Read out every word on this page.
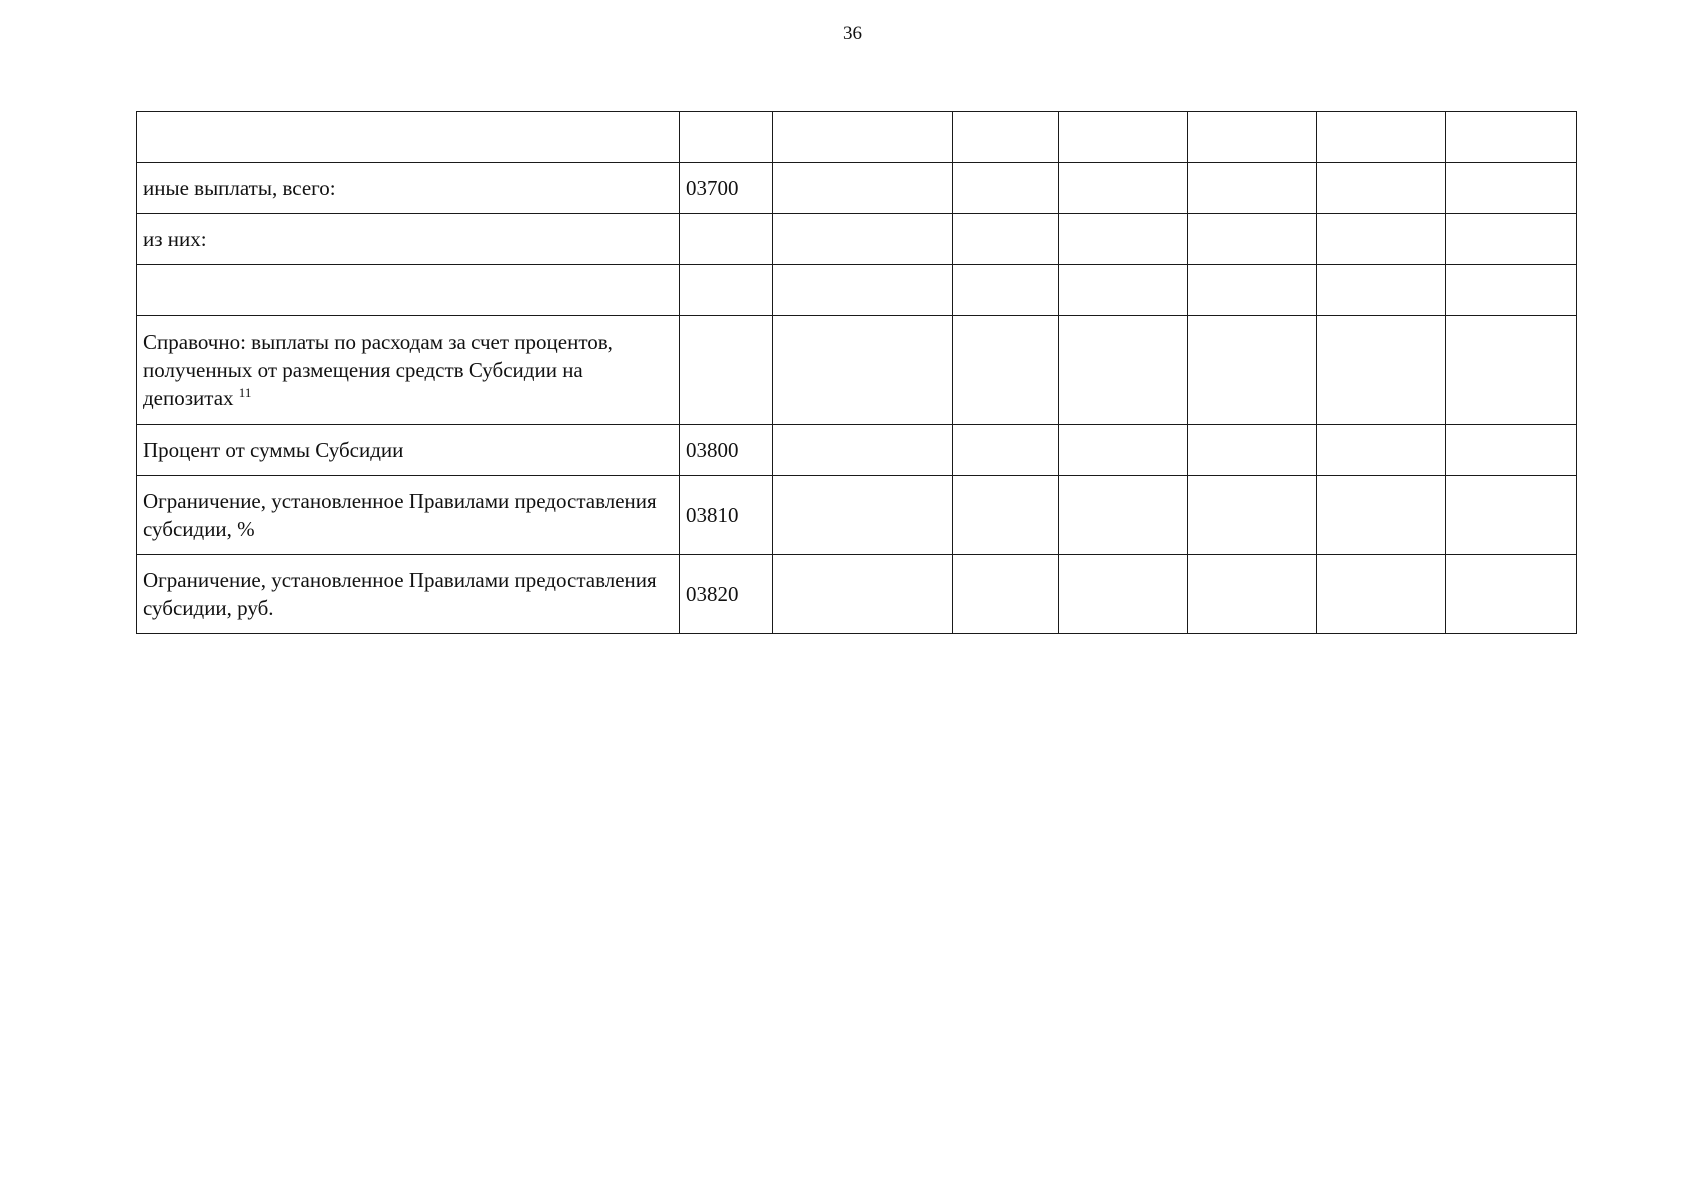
36

иные выплаты, всего:	03700						
из них:							

Справочно: выплаты по расходам за счет процентов, полученных от размещения средств Субсидии на депозитах $^{11}$							
Процент от суммы Субсидии	03800						
Ограничение, установленное Правилами предоставления субсидии, %	03810						
Ограничение, установленное Правилами предоставления субсидии, руб.	03820						
